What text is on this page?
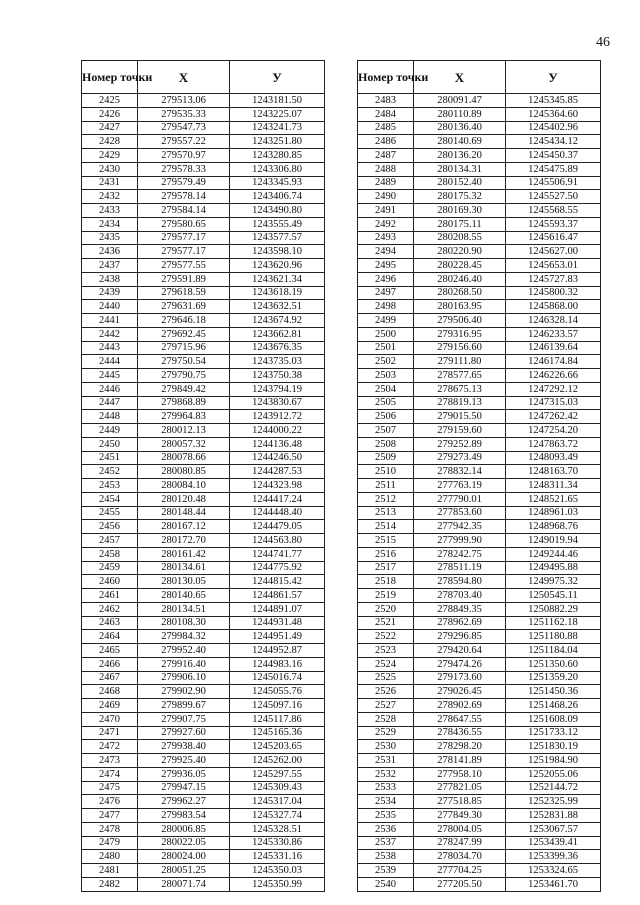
46
Номер точки	X	У
2425	279513.06	1243181.50
2426	279535.33	1243225.07
2427	279547.73	1243241.73
2428	279557.22	1243251.80
2429	279570.97	1243280.85
2430	279578.33	1243306.80
2431	279579.49	1243345.93
2432	279578.14	1243406.74
2433	279584.14	1243490.80
2434	279580.65	1243555.49
2435	279577.17	1243577.57
2436	279577.17	1243598.10
2437	279577.55	1243620.96
2438	279591.89	1243621.34
2439	279618.59	1243618.19
2440	279631.69	1243632.51
2441	279646.18	1243674.92
2442	279692.45	1243662.81
2443	279715.96	1243676.35
2444	279750.54	1243735.03
2445	279790.75	1243750.38
2446	279849.42	1243794.19
2447	279868.89	1243830.67
2448	279964.83	1243912.72
2449	280012.13	1244000.22
2450	280057.32	1244136.48
2451	280078.66	1244246.50
2452	280080.85	1244287.53
2453	280084.10	1244323.98
2454	280120.48	1244417.24
2455	280148.44	1244448.40
2456	280167.12	1244479.05
2457	280172.70	1244563.80
2458	280161.42	1244741.77
2459	280134.61	1244775.92
2460	280130.05	1244815.42
2461	280140.65	1244861.57
2462	280134.51	1244891.07
2463	280108.30	1244931.48
2464	279984.32	1244951.49
2465	279952.40	1244952.87
2466	279916.40	1244983.16
2467	279906.10	1245016.74
2468	279902.90	1245055.76
2469	279899.67	1245097.16
2470	279907.75	1245117.86
2471	279927.60	1245165.36
2472	279938.40	1245203.65
2473	279925.40	1245262.00
2474	279936.05	1245297.55
2475	279947.15	1245309.43
2476	279962.27	1245317.04
2477	279983.54	1245327.74
2478	280006.85	1245328.51
2479	280022.05	1245330.86
2480	280024.00	1245331.16
2481	280051.25	1245350.03
2482	280071.74	1245350.99
Номер точки	X	У
2483	280091.47	1245345.85
2484	280110.89	1245364.60
2485	280136.40	1245402.96
2486	280140.69	1245434.12
2487	280136.20	1245450.37
2488	280134.31	1245475.89
2489	280152.40	1245506.91
2490	280175.32	1245527.50
2491	280169.30	1245568.55
2492	280175.11	1245593.37
2493	280208.55	1245616.47
2494	280220.90	1245627.00
2495	280228.45	1245653.01
2496	280246.40	1245727.83
2497	280268.50	1245800.32
2498	280163.95	1245868.00
2499	279506.40	1246328.14
2500	279316.95	1246233.57
2501	279156.60	1246139.64
2502	279111.80	1246174.84
2503	278577.65	1246226.66
2504	278675.13	1247292.12
2505	278819.13	1247315.03
2506	279015.50	1247262.42
2507	279159.60	1247254.20
2508	279252.89	1247863.72
2509	279273.49	1248093.49
2510	278832.14	1248163.70
2511	277763.19	1248311.34
2512	277790.01	1248521.65
2513	277853.60	1248961.03
2514	277942.35	1248968.76
2515	277999.90	1249019.94
2516	278242.75	1249244.46
2517	278511.19	1249495.88
2518	278594.80	1249975.32
2519	278703.40	1250545.11
2520	278849.35	1250882.29
2521	278962.69	1251162.18
2522	279296.85	1251180.88
2523	279420.64	1251184.04
2524	279474.26	1251350.60
2525	279173.60	1251359.20
2526	279026.45	1251450.36
2527	278902.69	1251468.26
2528	278647.55	1251608.09
2529	278436.55	1251733.12
2530	278298.20	1251830.19
2531	278141.89	1251984.90
2532	277958.10	1252055.06
2533	277821.05	1252144.72
2534	277518.85	1252325.99
2535	277849.30	1252831.88
2536	278004.05	1253067.57
2537	278247.99	1253439.41
2538	278034.70	1253399.36
2539	277704.25	1253324.65
2540	277205.50	1253461.70
